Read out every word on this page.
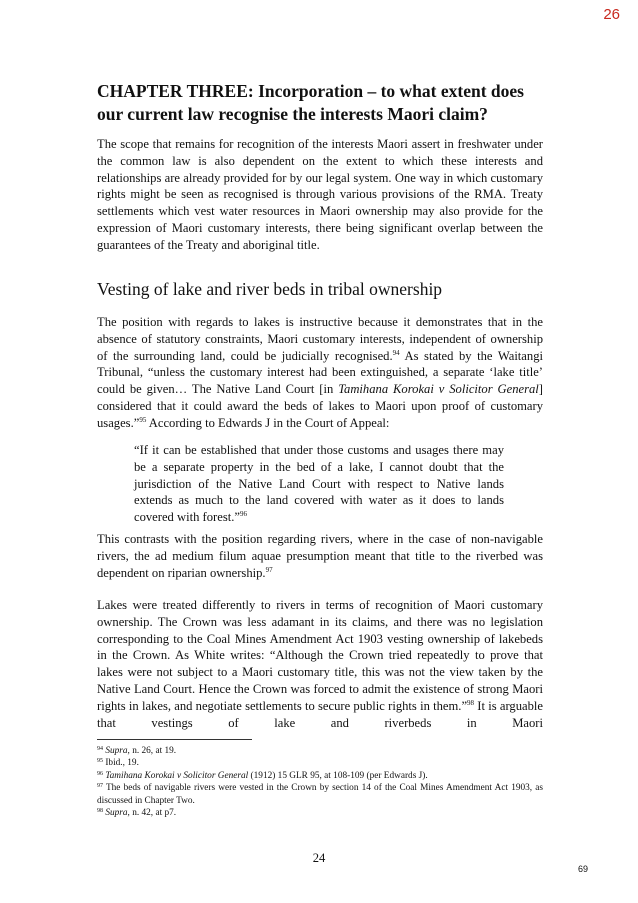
26
CHAPTER THREE: Incorporation – to what extent does our current law recognise the interests Maori claim?

The scope that remains for recognition of the interests Maori assert in freshwater under the common law is also dependent on the extent to which these interests and relationships are already provided for by our legal system. One way in which customary rights might be seen as recognised is through various provisions of the RMA. Treaty settlements which vest water resources in Maori ownership may also provide for the expression of Maori customary interests, there being significant overlap between the guarantees of the Treaty and aboriginal title.

Vesting of lake and river beds in tribal ownership

The position with regards to lakes is instructive because it demonstrates that in the absence of statutory constraints, Maori customary interests, independent of ownership of the surrounding land, could be judicially recognised.$^{94}$ As stated by the Waitangi Tribunal, “unless the customary interest had been extinguished, a separate ‘lake title’ could be given… The Native Land Court [in Tamihana Korokai v Solicitor General] considered that it could award the beds of lakes to Maori upon proof of customary usages.”$^{95}$ According to Edwards J in the Court of Appeal:

“If it can be established that under those customs and usages there may be a separate property in the bed of a lake, I cannot doubt that the jurisdiction of the Native Land Court with respect to Native lands extends as much to the land covered with water as it does to lands covered with forest.”$^{96}$

This contrasts with the position regarding rivers, where in the case of non-navigable rivers, the ad medium filum aquae presumption meant that title to the riverbed was dependent on riparian ownership.$^{97}$

Lakes were treated differently to rivers in terms of recognition of Maori customary ownership. The Crown was less adamant in its claims, and there was no legislation corresponding to the Coal Mines Amendment Act 1903 vesting ownership of lakebeds in the Crown. As White writes: “Although the Crown tried repeatedly to prove that lakes were not subject to a Maori customary title, this was not the view taken by the Native Land Court. Hence the Crown was forced to admit the existence of strong Maori rights in lakes, and negotiate settlements to secure public rights in them.”$^{98}$ It is arguable that vestings of lake and riverbeds in Maori

$^{94}$ Supra, n. 26, at 19.
$^{95}$ Ibid., 19.
$^{96}$ Tamihana Korokai v Solicitor General (1912) 15 GLR 95, at 108-109 (per Edwards J).
$^{97}$ The beds of navigable rivers were vested in the Crown by section 14 of the Coal Mines Amendment Act 1903, as discussed in Chapter Two.
$^{98}$ Supra, n. 42, at p7.
24
69
